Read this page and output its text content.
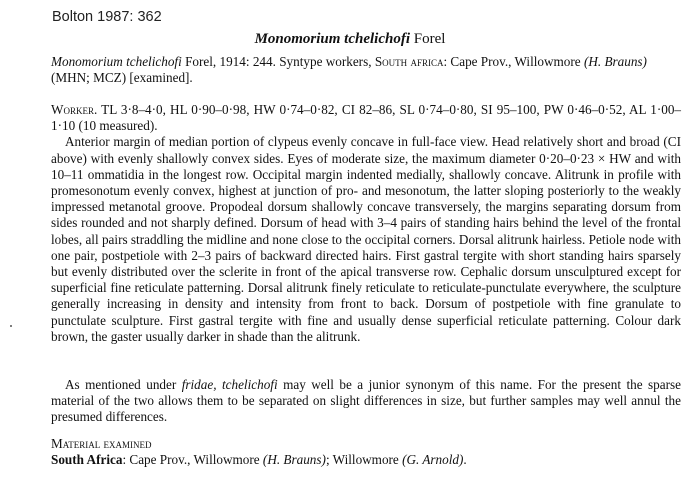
Bolton 1987: 362
Monomorium tchelichofi Forel
Monomorium tchelichofi Forel, 1914: 244. Syntype workers, South africa: Cape Prov., Willowmore (H. Brauns) (MHN; MCZ) [examined].

Worker. TL 3·8–4·0, HL 0·90–0·98, HW 0·74–0·82, CI 82–86, SL 0·74–0·80, SI 95–100, PW 0·46–0·52, AL 1·00–1·10 (10 measured).

Anterior margin of median portion of clypeus evenly concave in full-face view. Head relatively short and broad (CI above) with evenly shallowly convex sides. Eyes of moderate size, the maximum diameter 0·20–0·23 × HW and with 10–11 ommatidia in the longest row. Occipital margin indented medially, shallowly concave. Alitrunk in profile with promesonotum evenly convex, highest at junction of pro- and mesonotum, the latter sloping posteriorly to the weakly impressed metanotal groove. Propodeal dorsum shallowly concave transversely, the margins separating dorsum from sides rounded and not sharply defined. Dorsum of head with 3–4 pairs of standing hairs behind the level of the frontal lobes, all pairs straddling the midline and none close to the occipital corners. Dorsal alitrunk hairless. Petiole node with one pair, postpetiole with 2–3 pairs of backward directed hairs. First gastral tergite with short standing hairs sparsely but evenly distributed over the sclerite in front of the apical transverse row. Cephalic dorsum unsculptured except for superficial fine reticulate patterning. Dorsal alitrunk finely reticulate to reticulate-punctulate everywhere, the sculpture generally increasing in density and intensity from front to back. Dorsum of postpetiole with fine granulate to punctulate sculpture. First gastral tergite with fine and usually dense superficial reticulate patterning. Colour dark brown, the gaster usually darker in shade than the alitrunk.

As mentioned under fridae, tchelichofi may well be a junior synonym of this name. For the present the sparse material of the two allows them to be separated on slight differences in size, but further samples may well annul the presumed differences.
Material examined
South Africa: Cape Prov., Willowmore (H. Brauns); Willowmore (G. Arnold).
